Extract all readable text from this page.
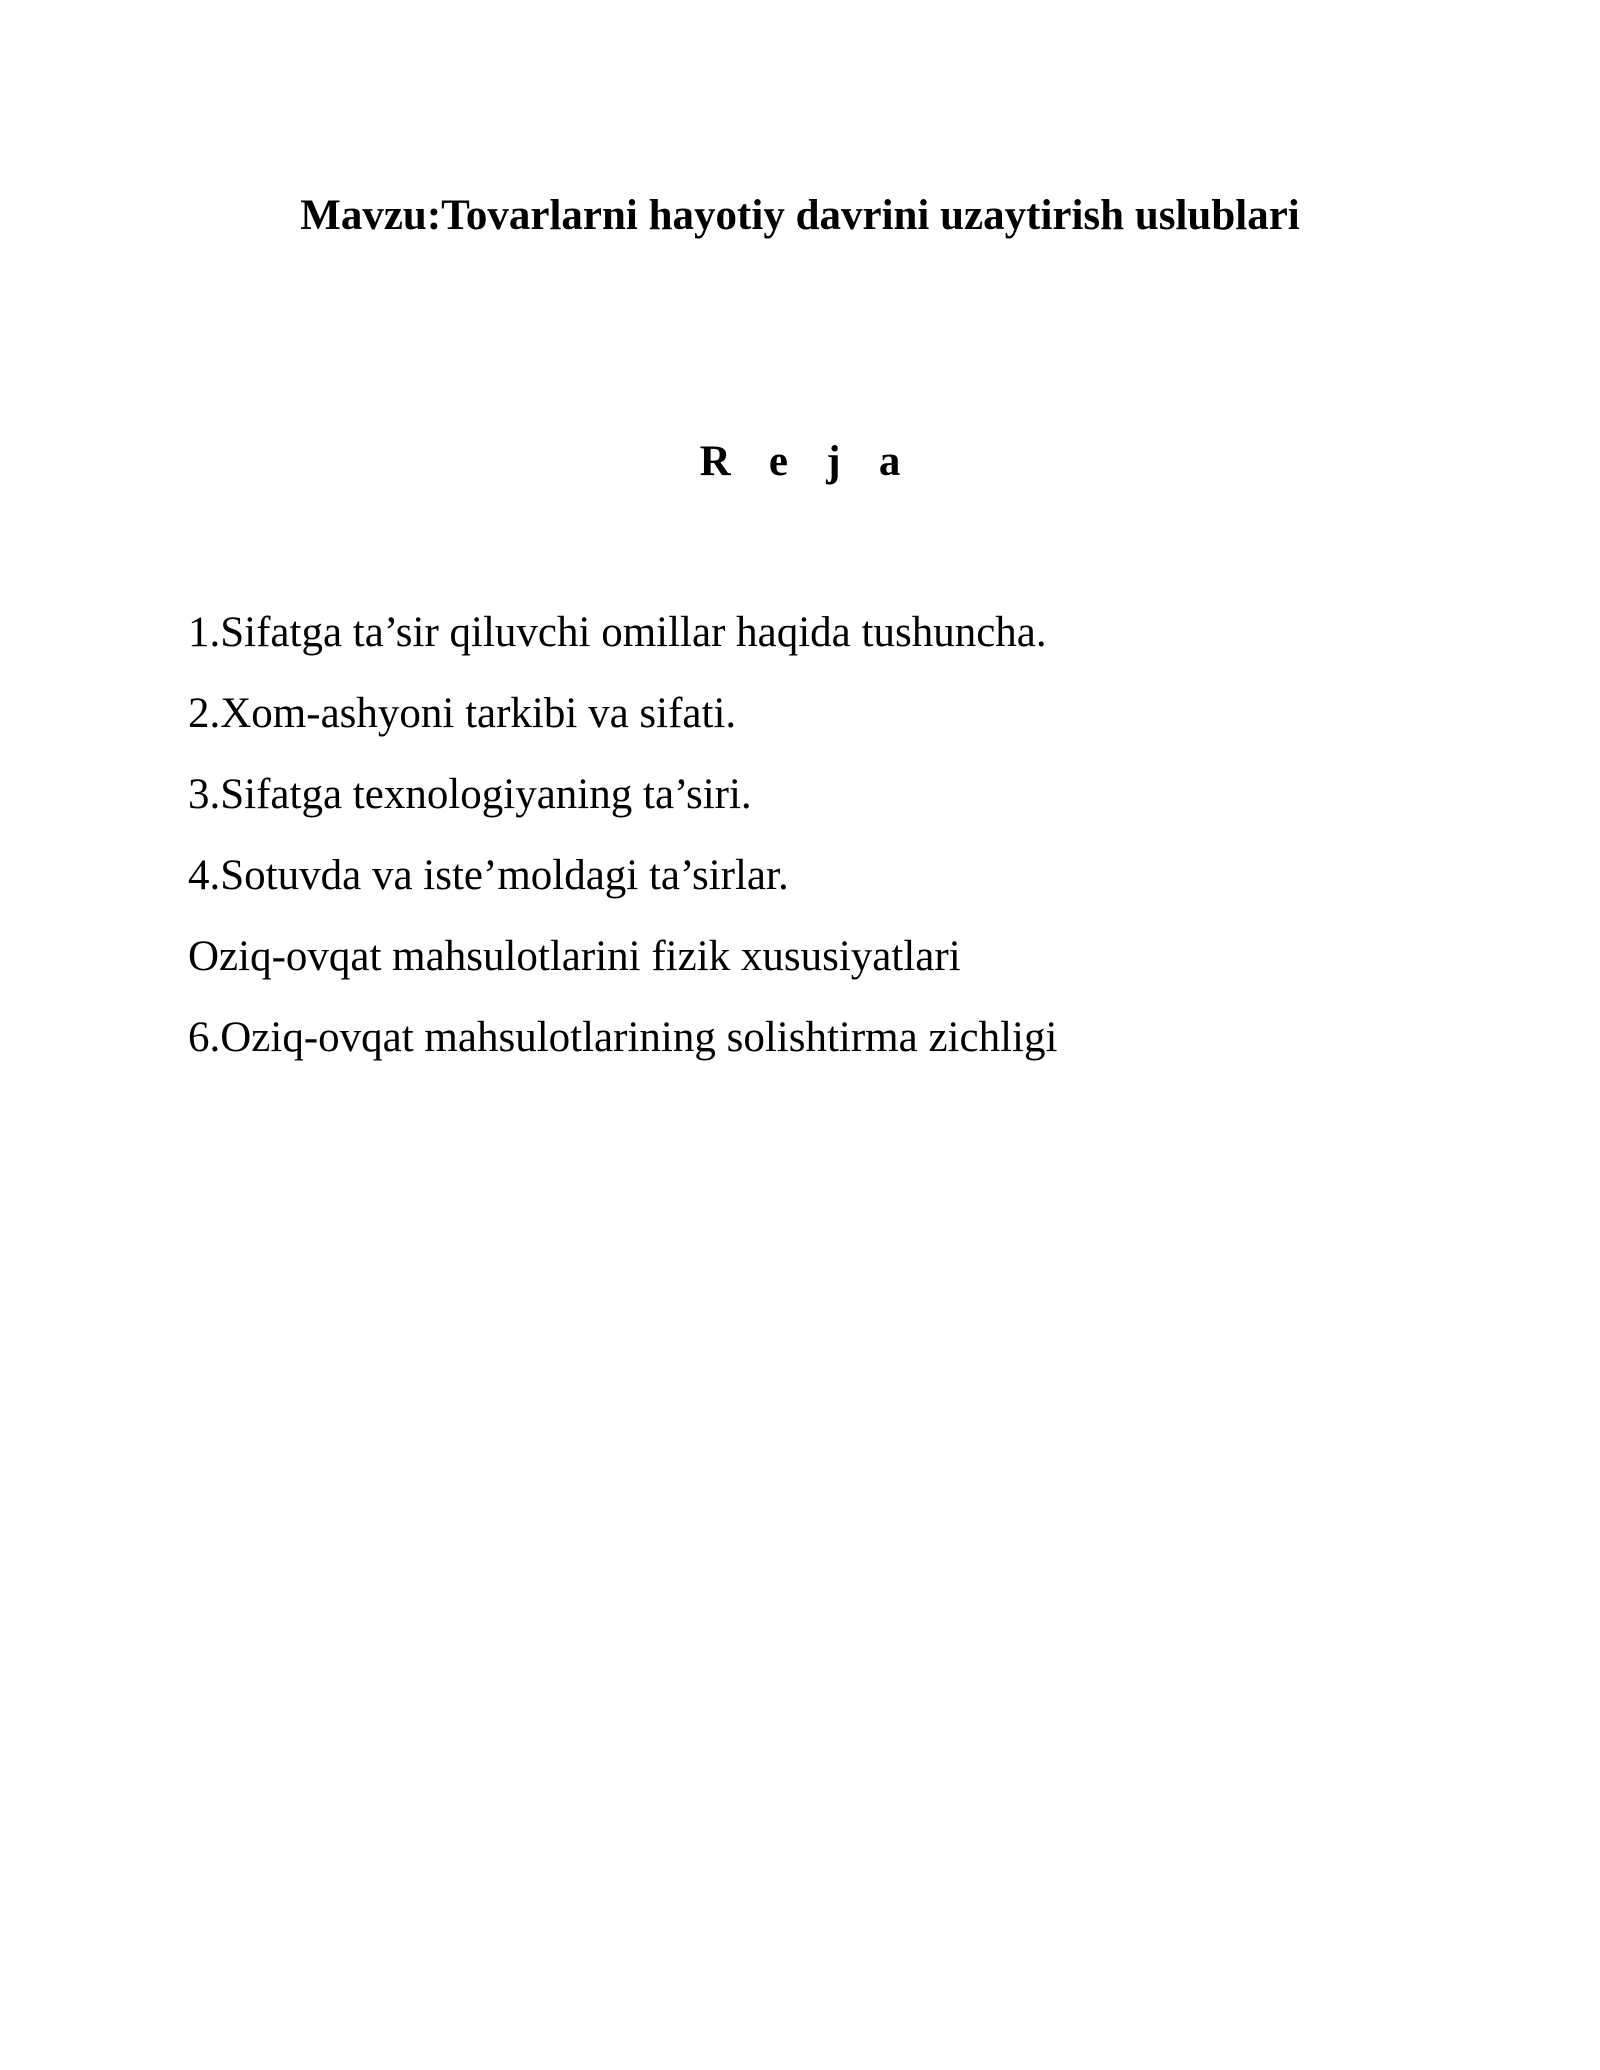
Mavzu:Tovarlarni hayotiy davrini uzaytirish uslublari
R e j a
1.Sifatga ta’sir qiluvchi omillar haqida tushuncha.
2.Xom-ashyoni tarkibi va sifati.
3.Sifatga texnologiyaning ta’siri.
4.Sotuvda va iste’moldagi ta’sirlar.
Oziq-ovqat mahsulotlarini fizik xususiyatlari
6.Oziq-ovqat mahsulotlarining solishtirma zichligi
